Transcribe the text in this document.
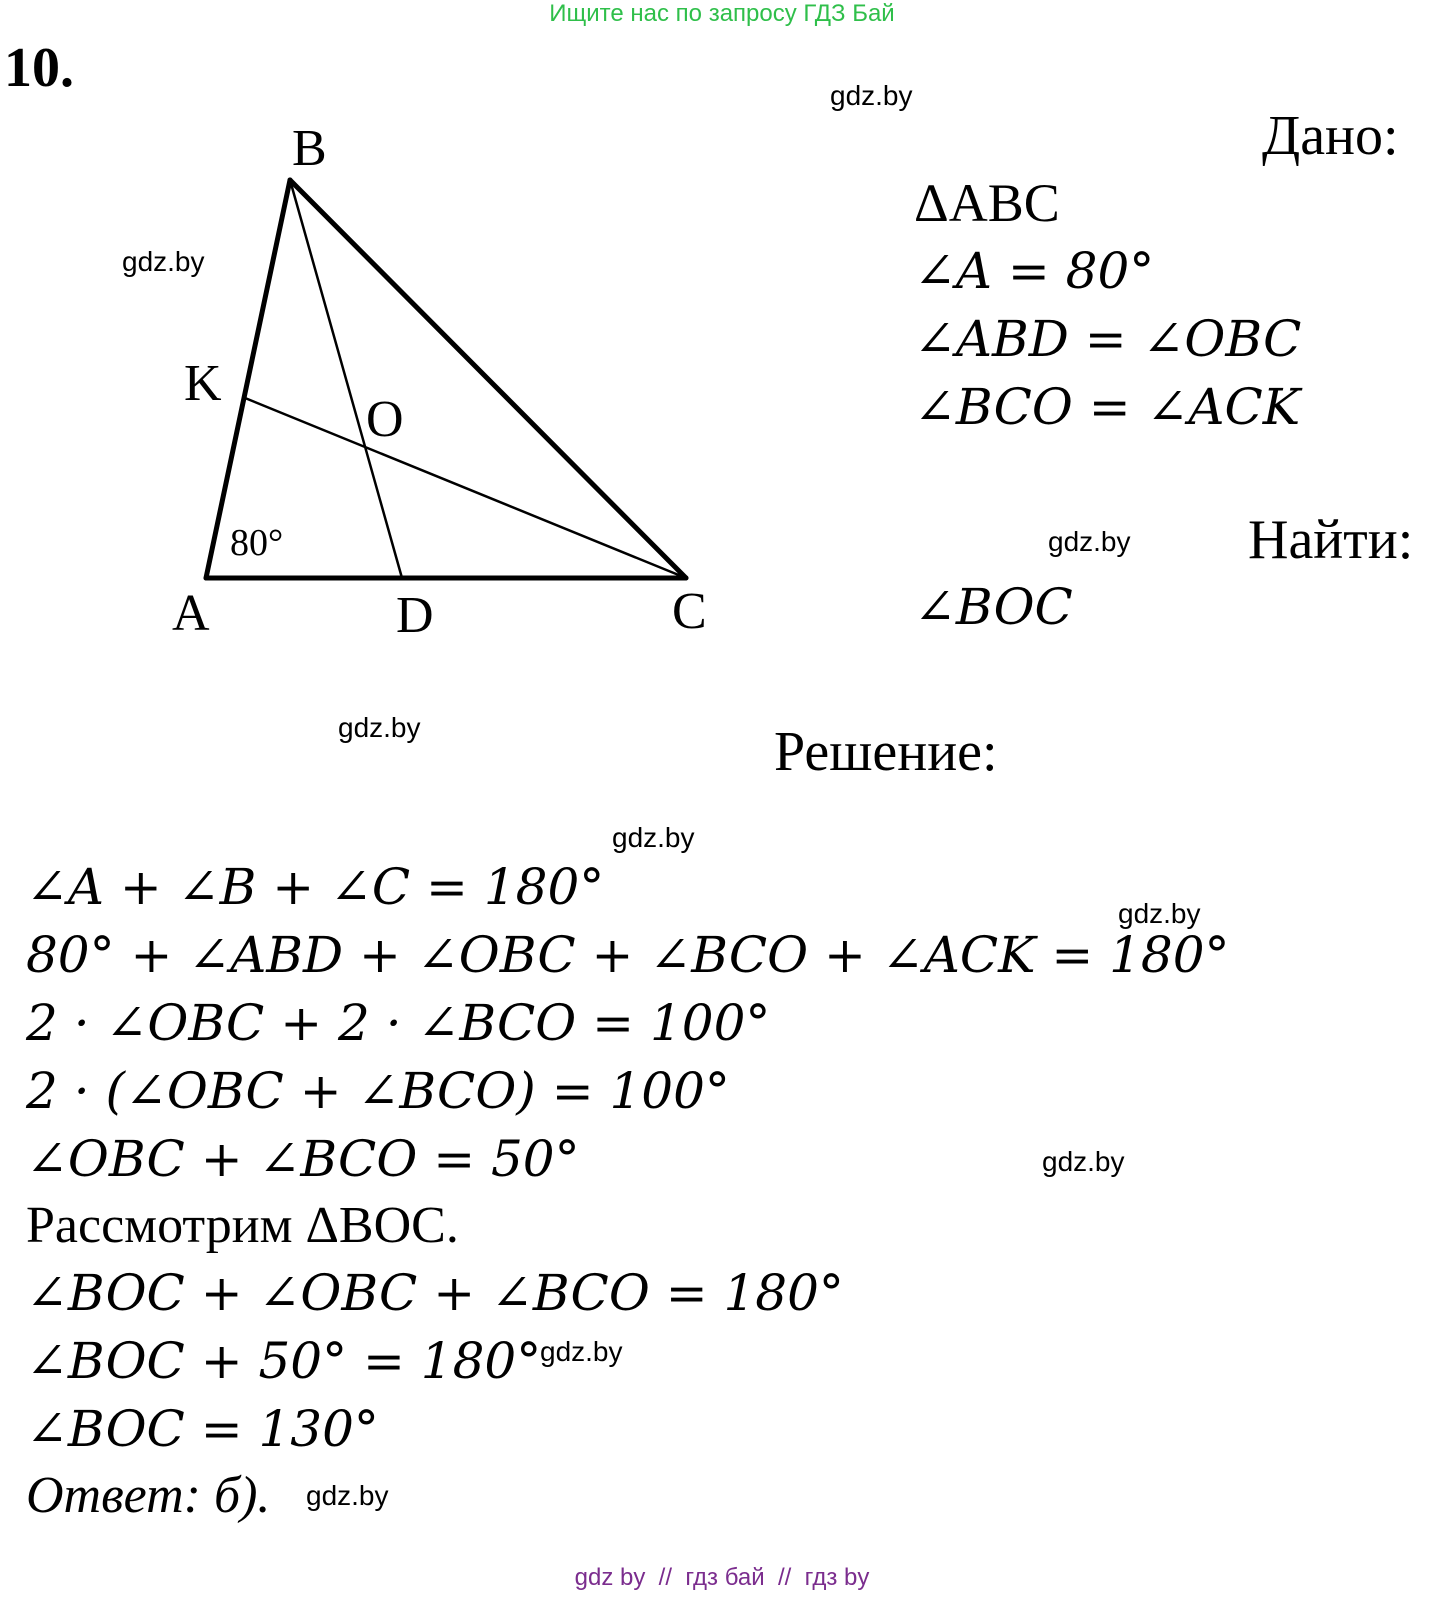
Ищите нас по запросу ГДЗ Бай
10.	gdz.by
gdz.by
gdz.by
gdz.by
gdz.by
gdz.by
gdz.by
gdz.by
gdz.by
B
K
O
A	D	C
80°
Дано:
ΔABC
∠A = 80°
∠ABD = ∠OBC
∠BCO = ∠ACK
Найти:
∠BOC
Решение:
∠A + ∠B + ∠C = 180°
80° + ∠ABD + ∠OBC + ∠BCO + ∠ACK = 180°
2 · ∠OBC + 2 · ∠BCO = 100°
2 · (∠OBC + ∠BCO) = 100°
∠OBC + ∠BCO = 50°
Рассмотрим ΔBOC.
∠BOC + ∠OBC + ∠BCO = 180°
∠BOC + 50° = 180°
∠BOC = 130°
Ответ: б).
gdz by  //  гдз бай  //  гдз by
